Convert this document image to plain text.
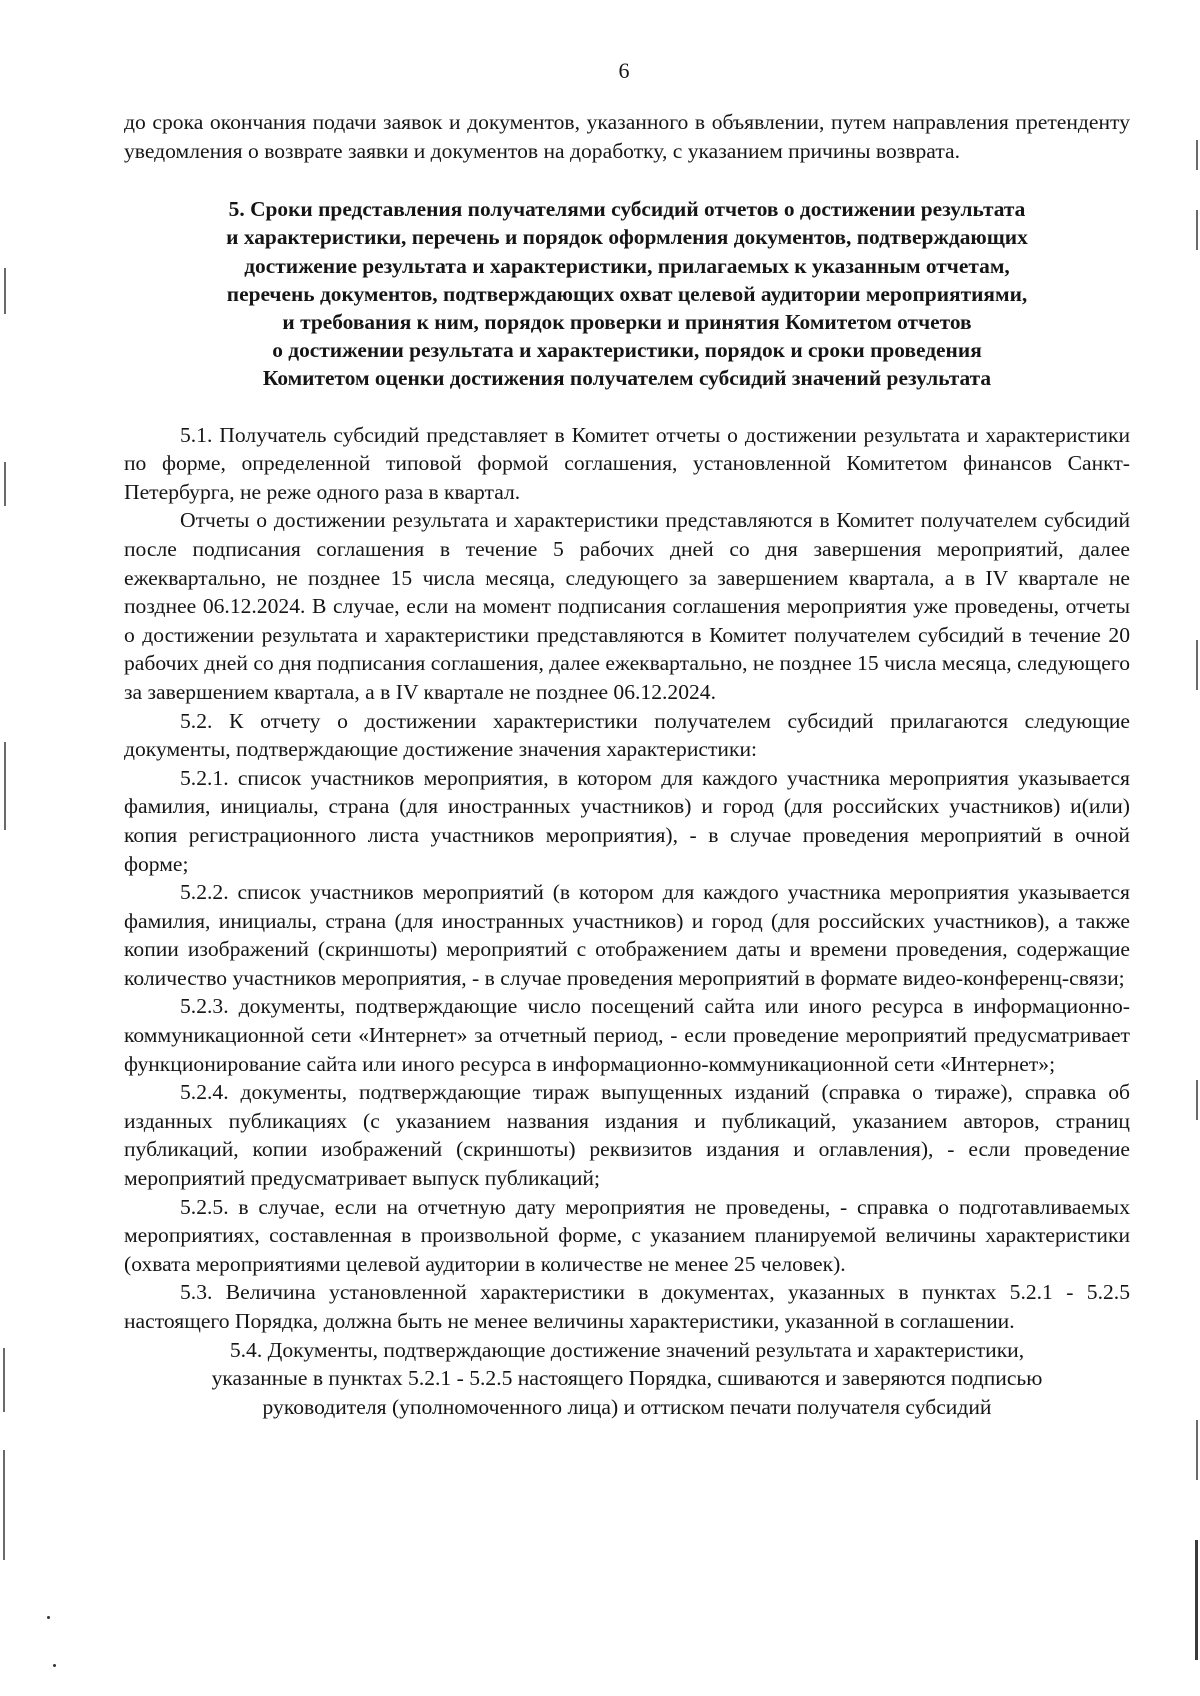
6

до срока окончания подачи заявок и документов, указанного в объявлении, путем направления претенденту уведомления о возврате заявки и документов на доработку, с указанием причины возврата.

5. Сроки представления получателями субсидий отчетов о достижении результата
и характеристики, перечень и порядок оформления документов, подтверждающих
достижение результата и характеристики, прилагаемых к указанным отчетам,
перечень документов, подтверждающих охват целевой аудитории мероприятиями,
и требования к ним, порядок проверки и принятия Комитетом отчетов
о достижении результата и характеристики, порядок и сроки проведения
Комитетом оценки достижения получателем субсидий значений результата

5.1. Получатель субсидий представляет в Комитет отчеты о достижении результата и характеристики по форме, определенной типовой формой соглашения, установленной Комитетом финансов Санкт-Петербурга, не реже одного раза в квартал.

Отчеты о достижении результата и характеристики представляются в Комитет получателем субсидий после подписания соглашения в течение 5 рабочих дней со дня завершения мероприятий, далее ежеквартально, не позднее 15 числа месяца, следующего за завершением квартала, а в IV квартале не позднее 06.12.2024. В случае, если на момент подписания соглашения мероприятия уже проведены, отчеты о достижении результата и характеристики представляются в Комитет получателем субсидий в течение 20 рабочих дней со дня подписания соглашения, далее ежеквартально, не позднее 15 числа месяца, следующего за завершением квартала, а в IV квартале не позднее 06.12.2024.

5.2. К отчету о достижении характеристики получателем субсидий прилагаются следующие документы, подтверждающие достижение значения характеристики:

5.2.1. список участников мероприятия, в котором для каждого участника мероприятия указывается фамилия, инициалы, страна (для иностранных участников) и город (для российских участников) и(или) копия регистрационного листа участников мероприятия), - в случае проведения мероприятий в очной форме;

5.2.2. список участников мероприятий (в котором для каждого участника мероприятия указывается фамилия, инициалы, страна (для иностранных участников) и город (для российских участников), а также копии изображений (скриншоты) мероприятий с отображением даты и времени проведения, содержащие количество участников мероприятия, - в случае проведения мероприятий в формате видео-конференц-связи;

5.2.3. документы, подтверждающие число посещений сайта или иного ресурса в информационно-коммуникационной сети «Интернет» за отчетный период, - если проведение мероприятий предусматривает функционирование сайта или иного ресурса в информационно-коммуникационной сети «Интернет»;

5.2.4. документы, подтверждающие тираж выпущенных изданий (справка о тираже), справка об изданных публикациях (с указанием названия издания и публикаций, указанием авторов, страниц публикаций, копии изображений (скриншоты) реквизитов издания и оглавления), - если проведение мероприятий предусматривает выпуск публикаций;

5.2.5. в случае, если на отчетную дату мероприятия не проведены, - справка о подготавливаемых мероприятиях, составленная в произвольной форме, с указанием планируемой величины характеристики (охвата мероприятиями целевой аудитории в количестве не менее 25 человек).

5.3. Величина установленной характеристики в документах, указанных в пунктах 5.2.1 - 5.2.5 настоящего Порядка, должна быть не менее величины характеристики, указанной в соглашении.

5.4. Документы, подтверждающие достижение значений результата и характеристики, указанные в пунктах 5.2.1 - 5.2.5 настоящего Порядка, сшиваются и заверяются подписью руководителя (уполномоченного лица) и оттиском печати получателя субсидий
